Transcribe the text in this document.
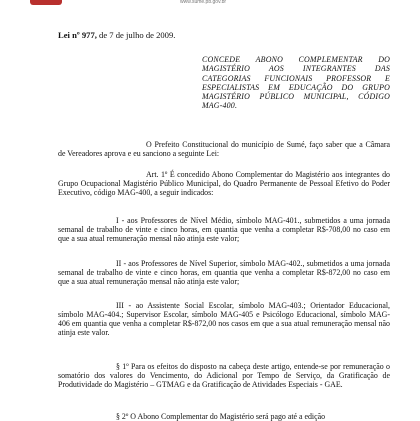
www.sume.pb.gov.br
Lei nº 977, de 7 de julho de 2009.
CONCEDE ABONO COMPLEMENTAR DO MAGISTÉRIO AOS INTEGRANTES DAS CATEGORIAS FUNCIONAIS PROFESSOR E ESPECIALISTAS EM EDUCAÇÃO DO GRUPO MAGISTÉRIO PÚBLICO MUNICIPAL, CÓDIGO MAG-400.

O Prefeito Constitucional do município de Sumé, faço saber que a Câmara de Vereadores aprova e eu sanciono a seguinte Lei:

Art. 1º É concedido Abono Complementar do Magistério aos integrantes do Grupo Ocupacional Magistério Público Municipal, do Quadro Permanente de Pessoal Efetivo do Poder Executivo, código MAG-400, a seguir indicados:

I - aos Professores de Nível Médio, símbolo MAG-401., submetidos a uma jornada semanal de trabalho de vinte e cinco horas, em quantia que venha a completar R$-708,00 no caso em que a sua atual remuneração mensal não atinja este valor;

II - aos Professores de Nível Superior, símbolo MAG-402., submetidos a uma jornada semanal de trabalho de vinte e cinco horas, em quantia que venha a completar R$-872,00 no caso em que a sua atual remuneração mensal não atinja este valor;

III - ao Assistente Social Escolar, símbolo MAG-403.; Orientador Educacional, símbolo MAG-404.; Supervisor Escolar, símbolo MAG-405 e Psicólogo Educacional, símbolo MAG-406 em quantia que venha a completar R$-872,00 nos casos em que a sua atual remuneração mensal não atinja este valor.

§ 1º Para os efeitos do disposto na cabeça deste artigo, entende-se por remuneração o somatório dos valores do Vencimento, do Adicional por Tempo de Serviço, da Gratificação de Produtividade do Magistério – GTMAG e da Gratificação de Atividades Especiais - GAE.

§ 2º O Abono Complementar do Magistério será pago até a edição
